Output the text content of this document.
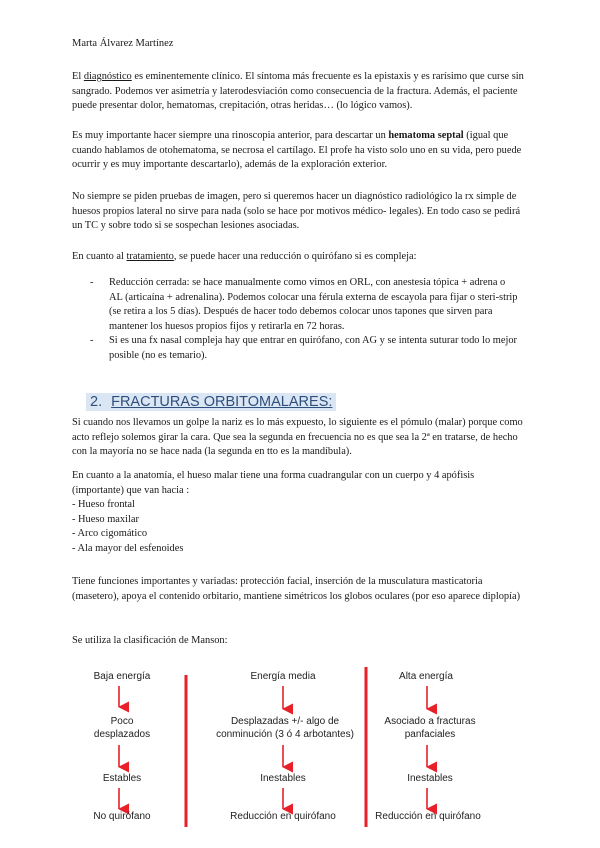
Marta Álvarez Martínez

El diagnóstico es eminentemente clínico. El síntoma más frecuente es la epistaxis y es rarísimo que curse sin sangrado. Podemos ver asimetría y laterodesviación como consecuencia de la fractura. Además, el paciente puede presentar dolor, hematomas, crepitación, otras heridas… (lo lógico vamos).

Es muy importante hacer siempre una rinoscopia anterior, para descartar un hematoma septal (igual que cuando hablamos de otohematoma, se necrosa el cartílago. El profe ha visto solo uno en su vida, pero puede ocurrir y es muy importante descartarlo), además de la exploración exterior.

No siempre se piden pruebas de imagen, pero si queremos hacer un diagnóstico radiológico la rx simple de huesos propios lateral no sirve para nada (solo se hace por motivos médico- legales). En todo caso se pedirá un TC y sobre todo si se sospechan lesiones asociadas.

En cuanto al tratamiento, se puede hacer una reducción o quirófano si es compleja:

- Reducción cerrada: se hace manualmente como vimos en ORL, con anestesia tópica + adrena o AL (articaína + adrenalina). Podemos colocar una férula externa de escayola para fijar o steri-strip (se retira a los 5 días). Después de hacer todo debemos colocar unos tapones que sirven para mantener los huesos propios fijos y retirarla en 72 horas.
- Si es una fx nasal compleja hay que entrar en quirófano, con AG y se intenta suturar todo lo mejor posible (no es temario).
2. FRACTURAS ORBITOMALARES:

Si cuando nos llevamos un golpe la nariz es lo más expuesto, lo siguiente es el pómulo (malar) porque como acto reflejo solemos girar la cara. Que sea la segunda en frecuencia no es que sea la 2ª en tratarse, de hecho con la mayoría no se hace nada (la segunda en tto es la mandíbula).

En cuanto a la anatomía, el hueso malar tiene una forma cuadrangular con un cuerpo y 4 apófisis (importante) que van hacia :

- Hueso frontal
- Hueso maxilar
- Arco cigomático
- Ala mayor del esfenoides

Tiene funciones importantes y variadas: protección facial, inserción de la musculatura masticatoria (masetero), apoya el contenido orbitario, mantiene simétricos los globos oculares (por eso aparece diplopía)

Se utiliza la clasificación de Manson:

Baja energía
Poco
desplazados
Estables
No quirófano
Energía media
Desplazadas +/- algo de
conminución (3 ó 4 arbotantes)
Inestables
Reducción en quirófano
Alta energía
Asociado a fracturas
panfaciales
Inestables
Reducción en quirófano
